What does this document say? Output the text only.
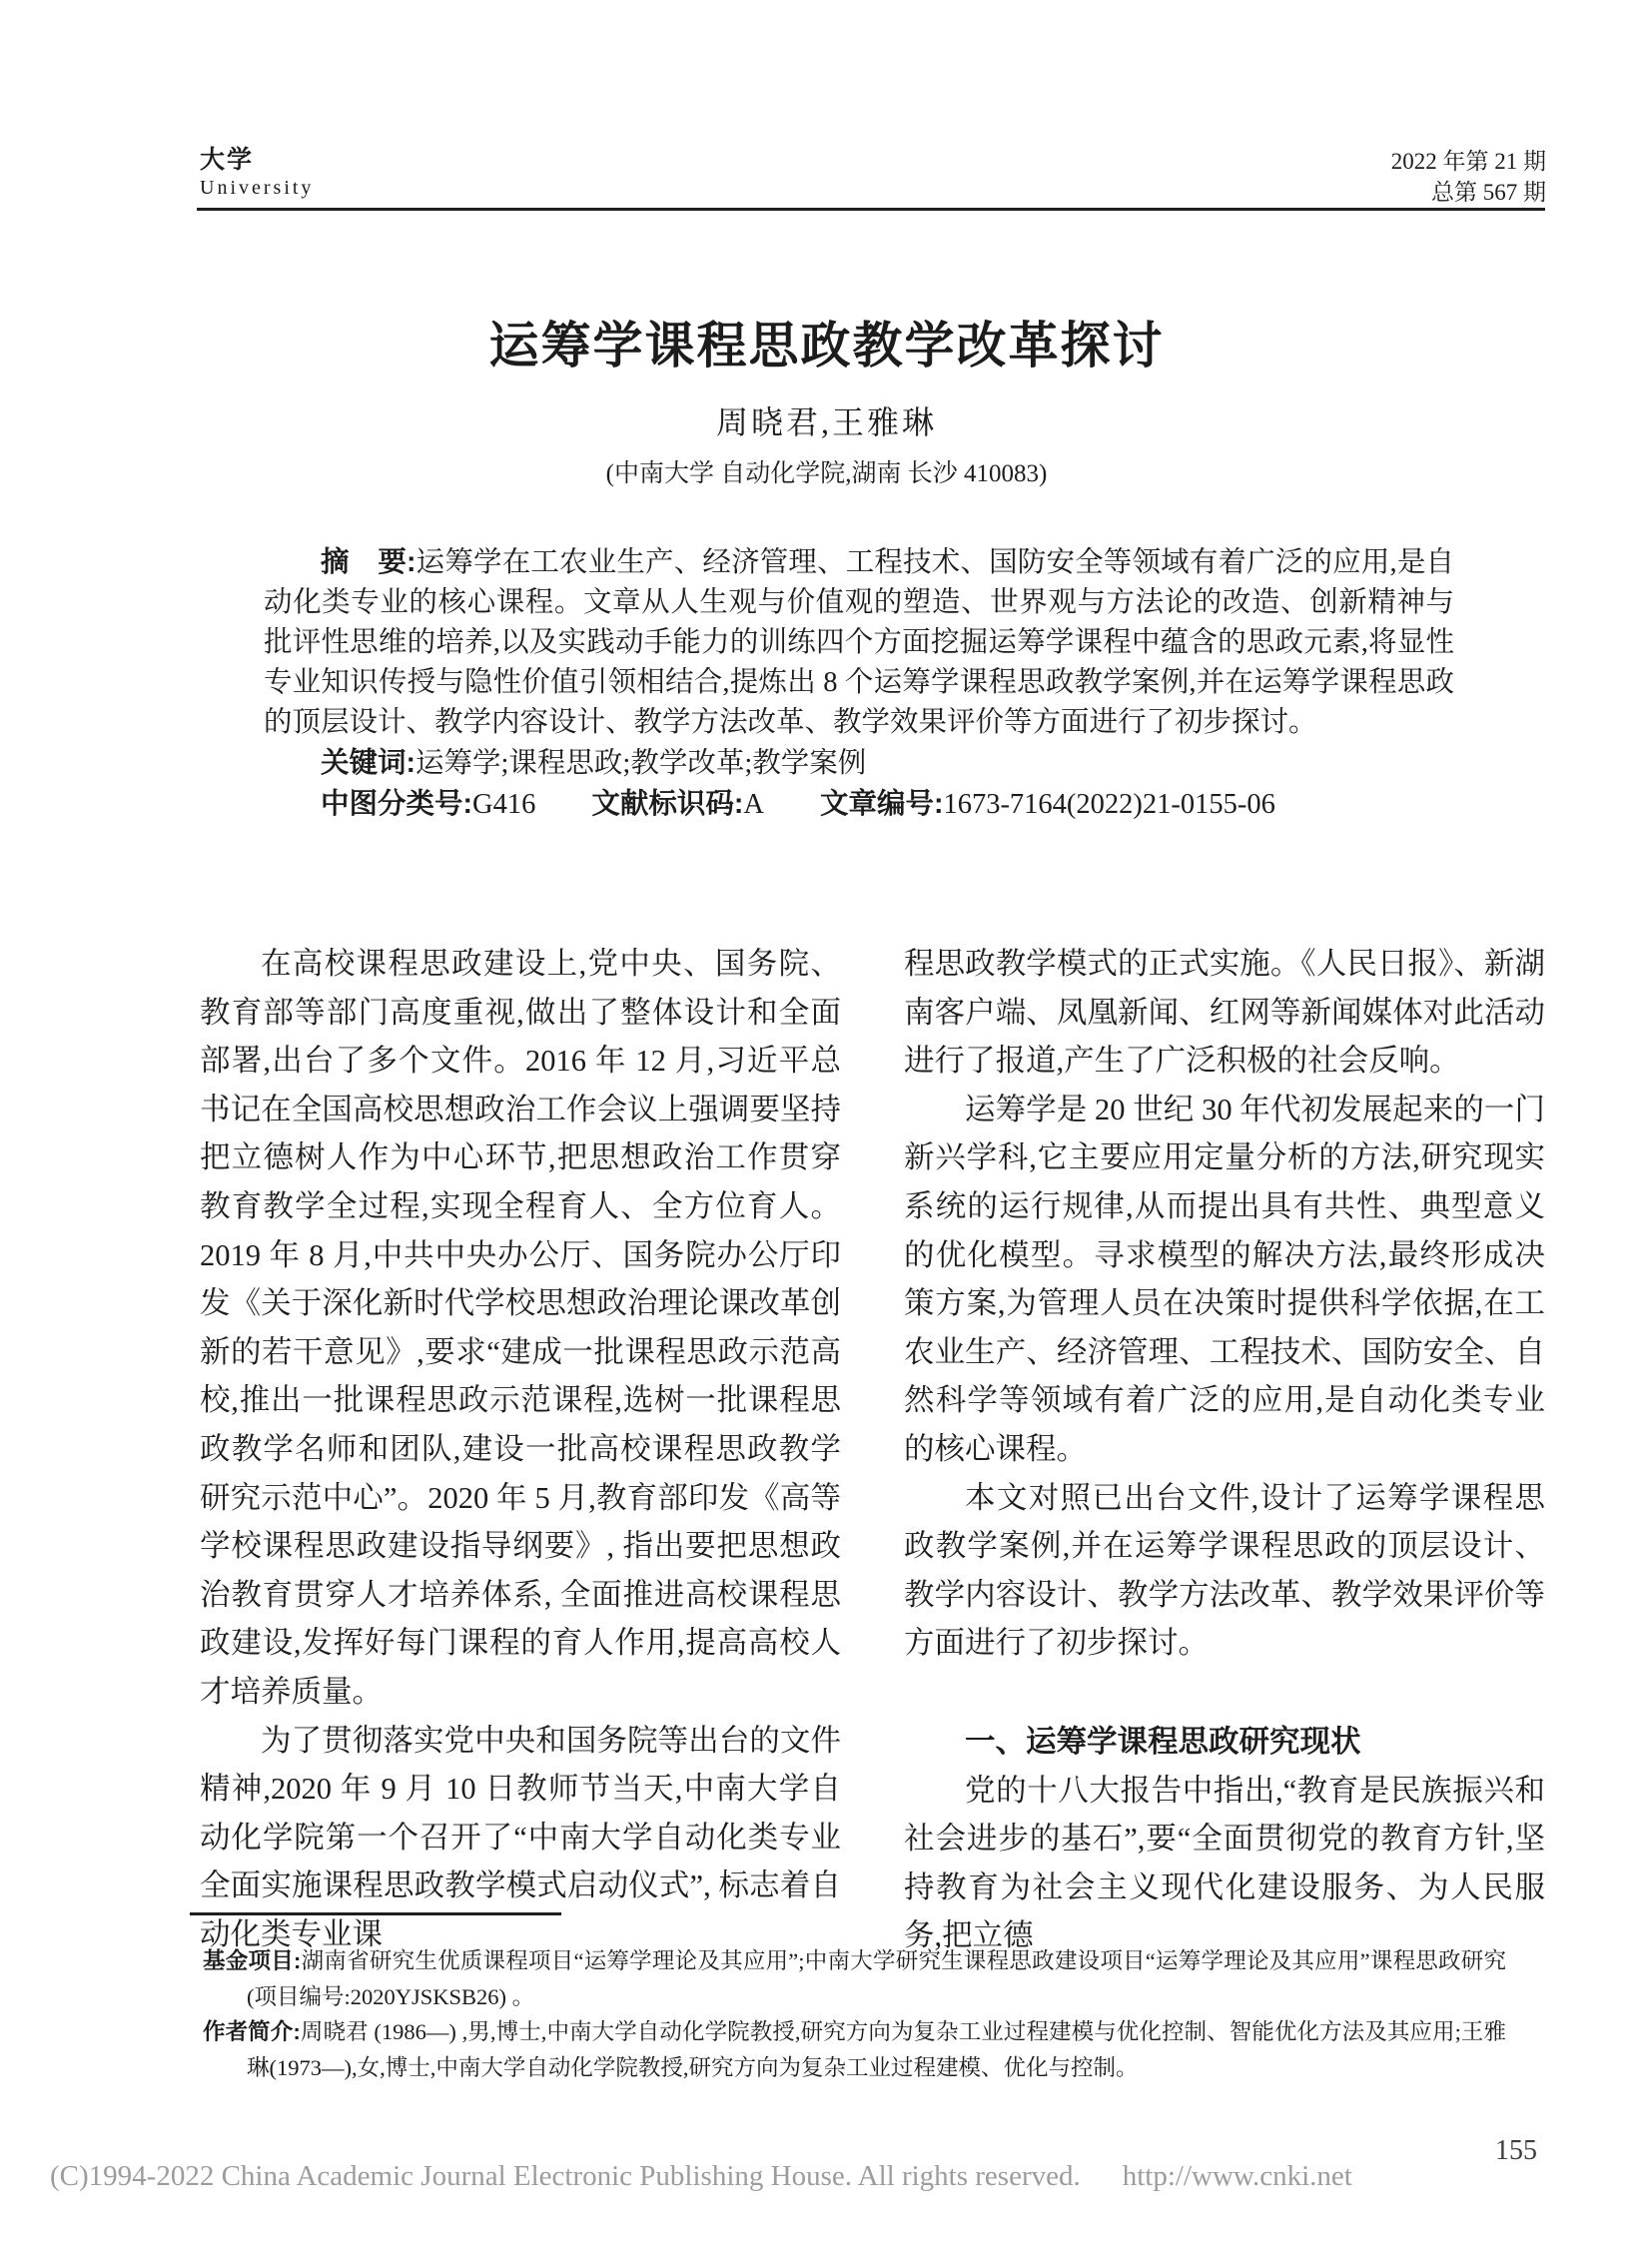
大学
University
2022 年第 21 期
总第 567 期
运筹学课程思政教学改革探讨
周晓君,王雅琳
(中南大学 自动化学院,湖南 长沙 410083)

摘　要:运筹学在工农业生产、经济管理、工程技术、国防安全等领域有着广泛的应用,是自动化类专业的核心课程。文章从人生观与价值观的塑造、世界观与方法论的改造、创新精神与批评性思维的培养,以及实践动手能力的训练四个方面挖掘运筹学课程中蕴含的思政元素,将显性专业知识传授与隐性价值引领相结合,提炼出 8 个运筹学课程思政教学案例,并在运筹学课程思政的顶层设计、教学内容设计、教学方法改革、教学效果评价等方面进行了初步探讨。

关键词:运筹学;课程思政;教学改革;教学案例

中图分类号:G416 文献标识码:A 文章编号:1673-7164(2022)21-0155-06

在高校课程思政建设上,党中央、国务院、教育部等部门高度重视,做出了整体设计和全面部署,出台了多个文件。2016 年 12 月,习近平总书记在全国高校思想政治工作会议上强调要坚持把立德树人作为中心环节,把思想政治工作贯穿教育教学全过程,实现全程育人、全方位育人。2019 年 8 月,中共中央办公厅、国务院办公厅印发《关于深化新时代学校思想政治理论课改革创新的若干意见》,要求“建成一批课程思政示范高校,推出一批课程思政示范课程,选树一批课程思政教学名师和团队,建设一批高校课程思政教学研究示范中心”。2020 年 5 月,教育部印发《高等学校课程思政建设指导纲要》, 指出要把思想政治教育贯穿人才培养体系, 全面推进高校课程思政建设,发挥好每门课程的育人作用,提高高校人才培养质量。

为了贯彻落实党中央和国务院等出台的文件精神,2020 年 9 月 10 日教师节当天,中南大学自动化学院第一个召开了“中南大学自动化类专业全面实施课程思政教学模式启动仪式”, 标志着自动化类专业课

程思政教学模式的正式实施。《人民日报》、新湖南客户端、凤凰新闻、红网等新闻媒体对此活动进行了报道,产生了广泛积极的社会反响。

运筹学是 20 世纪 30 年代初发展起来的一门新兴学科,它主要应用定量分析的方法,研究现实系统的运行规律,从而提出具有共性、典型意义的优化模型。寻求模型的解决方法,最终形成决策方案,为管理人员在决策时提供科学依据,在工农业生产、经济管理、工程技术、国防安全、自然科学等领域有着广泛的应用,是自动化类专业的核心课程。

本文对照已出台文件,设计了运筹学课程思政教学案例,并在运筹学课程思政的顶层设计、教学内容设计、教学方法改革、教学效果评价等方面进行了初步探讨。

一、运筹学课程思政研究现状

党的十八大报告中指出,“教育是民族振兴和社会进步的基石”,要“全面贯彻党的教育方针,坚持教育为社会主义现代化建设服务、为人民服务,把立德

基金项目:湖南省研究生优质课程项目“运筹学理论及其应用”;中南大学研究生课程思政建设项目“运筹学理论及其应用”课程思政研究 (项目编号:2020YJSKSB26) 。

作者简介:周晓君 (1986—) ,男,博士,中南大学自动化学院教授,研究方向为复杂工业过程建模与优化控制、智能优化方法及其应用;王雅琳(1973—),女,博士,中南大学自动化学院教授,研究方向为复杂工业过程建模、优化与控制。

155
(C)1994-2022 China Academic Journal Electronic Publishing House. All rights reserved. http://www.cnki.net
